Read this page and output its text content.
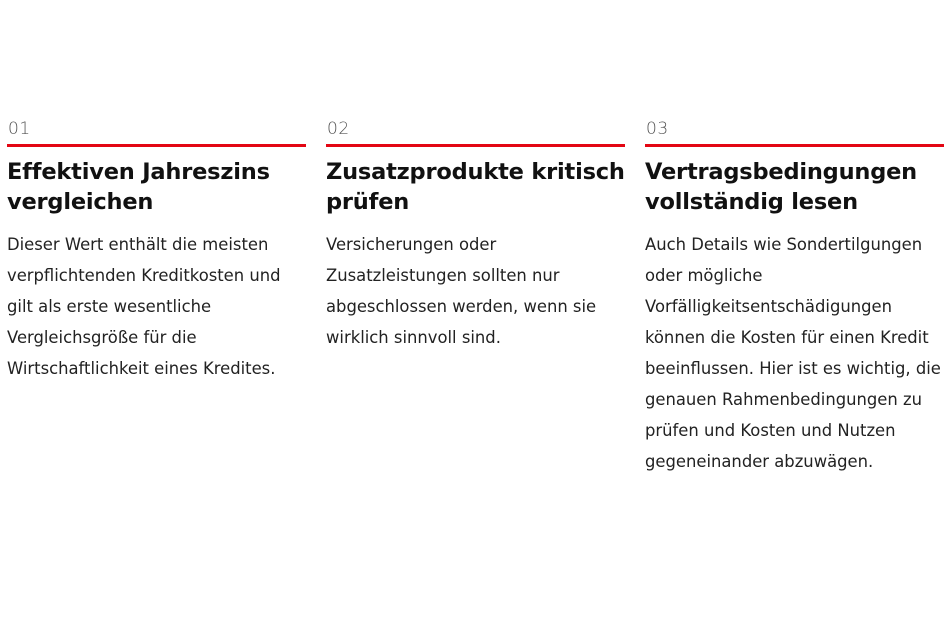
01
Effektiven Jahreszins vergleichen

Dieser Wert enthält die meisten verpflichtenden Kreditkosten und gilt als erste wesentliche Vergleichsgröße für die Wirtschaftlichkeit eines Kredites.

02
Zusatzprodukte kritisch prüfen

Versicherungen oder Zusatzleistungen sollten nur abgeschlossen werden, wenn sie wirklich sinnvoll sind.

03
Vertragsbedingungen vollständig lesen

Auch Details wie Sondertilgungen oder mögliche Vorfälligkeitsentschädigungen können die Kosten für einen Kredit beeinflussen. Hier ist es wichtig, die genauen Rahmenbedingungen zu prüfen und Kosten und Nutzen gegeneinander abzuwägen.
